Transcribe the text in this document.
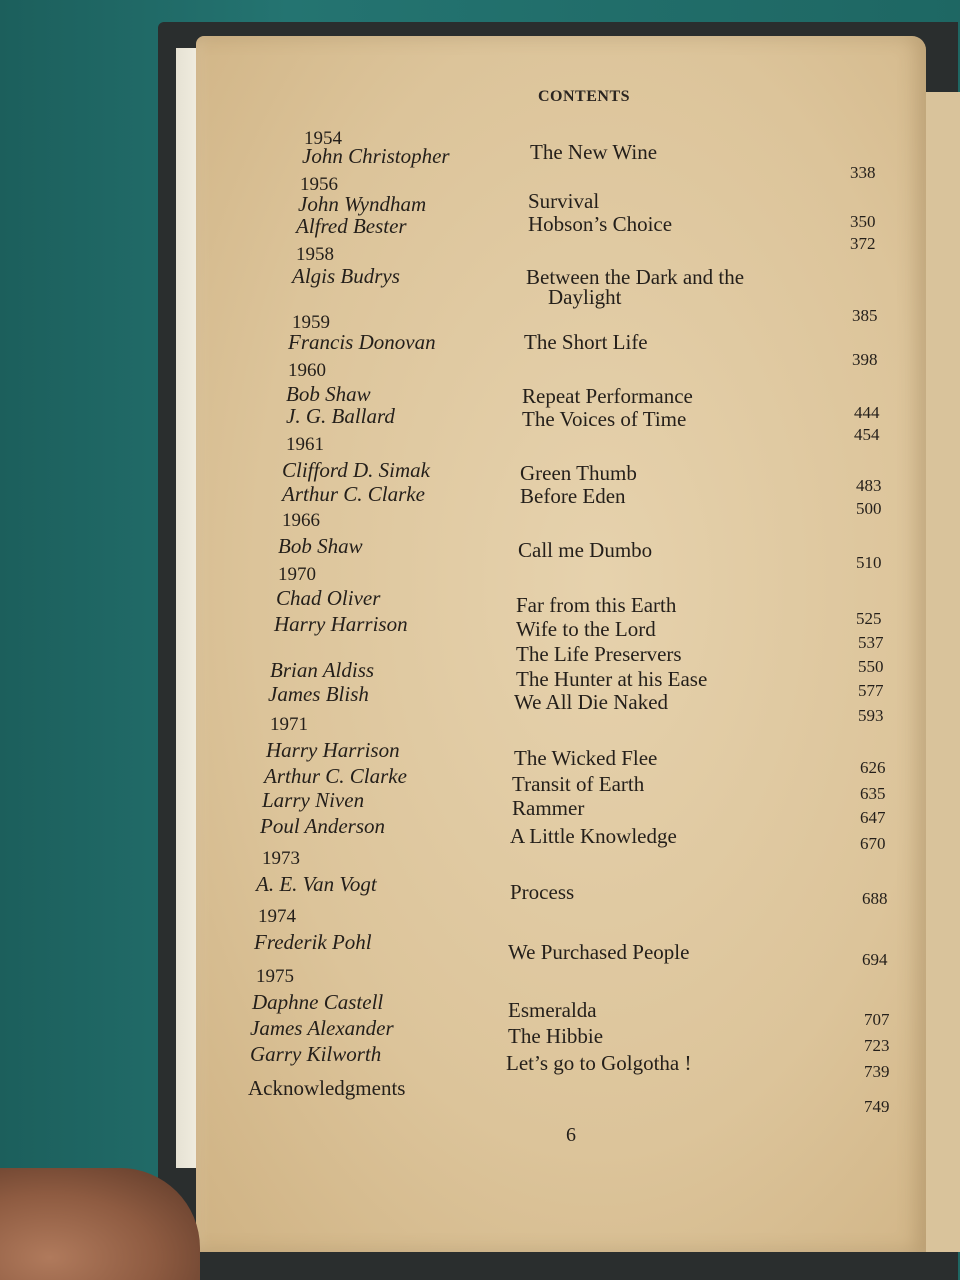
CONTENTS
1954
1956
1958
1959
1960
1961
1966
1970
1971
1973
1974
1975
John Christopher
John Wyndham
Alfred Bester
Algis Budrys
Francis Donovan
Bob Shaw
J. G. Ballard
Clifford D. Simak
Arthur C. Clarke
Bob Shaw
Chad Oliver
Harry Harrison
Brian Aldiss
James Blish
Harry Harrison
Arthur C. Clarke
Larry Niven
Poul Anderson
A. E. Van Vogt
Frederik Pohl
Daphne Castell
James Alexander
Garry Kilworth
Acknowledgments
The New Wine
Survival
Hobson’s Choice
Between the Dark and the
Daylight
The Short Life
Repeat Performance
The Voices of Time
Green Thumb
Before Eden
Call me Dumbo
Far from this Earth
Wife to the Lord
The Life Preservers
The Hunter at his Ease
We All Die Naked
The Wicked Flee
Transit of Earth
Rammer
A Little Knowledge
Process
We Purchased People
Esmeralda
The Hibbie
Let’s go to Golgotha !
338
350
372
385
398
444
454
483
500
510
525
537
550
577
593
626
635
647
670
688
694
707
723
739
749
6
